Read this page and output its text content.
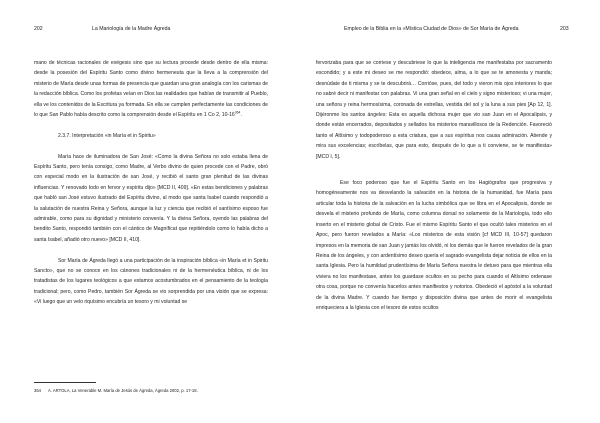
202	La Mariología de la Madre Ágreda

mano de técnicas racionales de exégesis sino que su lectura procede desde dentro de ella misma: desde la posesión del Espíritu Santo como divino hermeneuta que la lleva a la comprensión del misterio de María desde unas formas de presencia que guardan una gran analogía con los carismas de la redacción bíblica. Como los profetas veían en Dios las realidades que habían de transmitir al Pueblo, ella ve los contenidos de la Escritura ya formada. En ella se cumplen perfectamente las condiciones de lo que San Pablo había descrito como la comprensión desde el Espíritu en 1 Co 2, $10-16^{364}$.

2.3.7. Interpretación «in María et in Spiritu»

María hace de iluminadora de San José: «Como la divina Señora no solo estaba llena de Espíritu Santo, pero tenía consigo, como Madre, al Verbo divino de quien procede con el Padre, obró con especial modo en la ilustración de san José, y recibió el santo gran plenitud de las divinas influencias. Y renovado todo en fervor y espíritu dijo» [MCD II, 409]. «En estas bendiciones y palabras que habló san José estuvo ilustrado del Espíritu divino, al modo que santa Isabel cuando respondió a la salutación de nuestra Reina y Señora, aunque la luz y ciencia que recibió el santísimo esposo fue admirable, como para su dignidad y ministerio convenía. Y la divina Señora, oyendo las palabras del bendito Santo, respondió también con el cántico de Magníficat que repitiéndolo como lo había dicho a santa Isabel, añadió otro nuevo» [MCD II, 410].

Sor María de Ágreda llegó a una participación de la inspiración bíblica «in María et in Spiritu Sancto», que no se conoce en los cánones tradicionales ni de la hermenéutica bíblica, ni de los tratadistas de los lugares teológicos a que estamos acostumbrados en el pensamiento de la teología tradicional; pero, como Pedro, también Sor Ágreda se vio sorprendida por una visión que se expresa: «Vi luego que un velo riquísimo encubría un tesoro y mi voluntad se

364 A. ARTOLA, La Venerable M. María de Jesús de Ágreda, Ágreda 2002, p. 17-18.
Empleo de la Biblia en la «Mística Ciudad de Dios» de Sor María de Ágreda	203

fervorizaba para que se corriese y descubriese lo que la inteligencia me manifestaba por sacramento escondido; y a este mi deseo se me respondió: obedece, alma, a lo que se te amonesta y manda; desnúdate de ti misma y se te descubrirá… Corrióse, pues, del todo y vieron mis ojos interiores lo que no sabré decir ni manifestar con palabras. Vi una gran señal en el cielo y signo misterioso; vi una mujer, una señora y reina hermosísima, coronada de estrellas, vestida del sol y la luna a sus pies [Ap 12, 1]. Dijéronme los santos ángeles: Esta es aquella dichosa mujer que vio san Juan en el Apocalipsis, y donde están encerrados, depositados y sellados los misterios maravillosos de la Redención. Favoreció tanto el Altísimo y todopoderoso a esta criatura, que a sus espíritus nos causa admiración. Atiende y mira sus excelencias; escríbelas, que para esto, después de lo que a ti conviene, se te manifiesta» [MCD I, 5].

Ese foco poderoso que fue el Espíritu Santo en los Hagiógrafos que progresiva y homogéneamente nos va desvelando la salvación en la historia de la humanidad, fue María para articular toda la historia de la salvación en la lucha simbólica que se libra en el Apocalipsis, donde se desvela el misterio profundo de María, como columna dorsal no solamente de la Mariología, todo ello inserto en el misterio global de Cristo. Fue el mismo Espíritu Santo el que ocultó tales misterios en el Apoc, pero fueron revelados a María: «Los misterios de esta visión [cf MCD III, 10-57] quedaron impresos en la memoria de san Juan y jamás los olvidó, ni los demás que le fueron revelados de la gran Reina de los ángeles, y con ardentísimo deseo quería el sagrado evangelista dejar noticia de ellos en la santa Iglesia. Pero la humildad prudentísima de María Señora nuestra le detuvo para que mientras ella viviera no los manifestase, antes los guardase ocultos en su pecho para cuando el Altísimo ordenase otra cosa, porque no convenía hacerlos antes manifiestos y notorios. Obedeció el apóstol a la voluntad de la divina Madre. Y cuando fue tiempo y disposición divina que antes de morir el evangelista enriqueciera a la Iglesia con el tesoro de estos ocultos
